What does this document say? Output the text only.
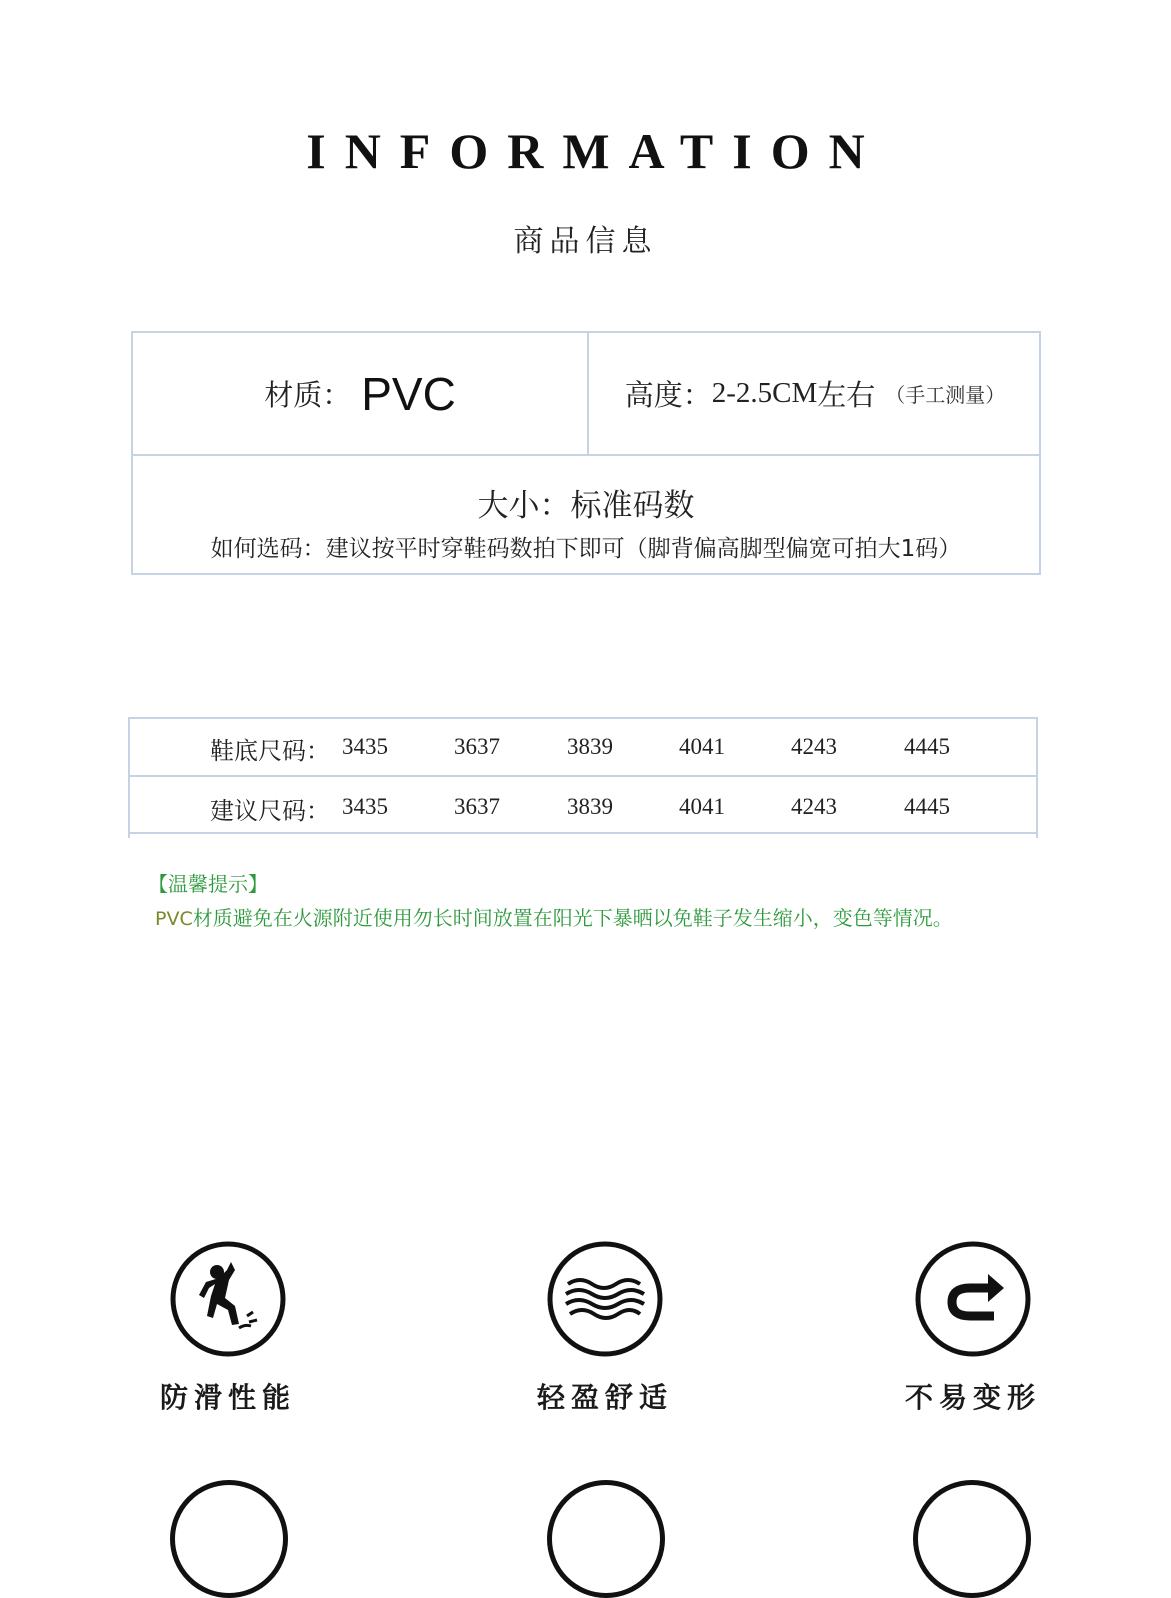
INFORMATION
商品信息
材质： PVC	高度： 2-2.5CM 左右 （手工测量）
大小：标准码数
如何选码：建议按平时穿鞋码数拍下即可（脚背偏高脚型偏宽可拍大1码）
鞋底尺码： 3435	3637	3839	4041	4243	4445
建议尺码： 3435	3637	3839	4041	4243	4445
【温馨提示】
PVC材质避免在火源附近使用勿长时间放置在阳光下暴晒以免鞋子发生缩小，变色等情况。
防滑性能	轻盈舒适	不易变形
